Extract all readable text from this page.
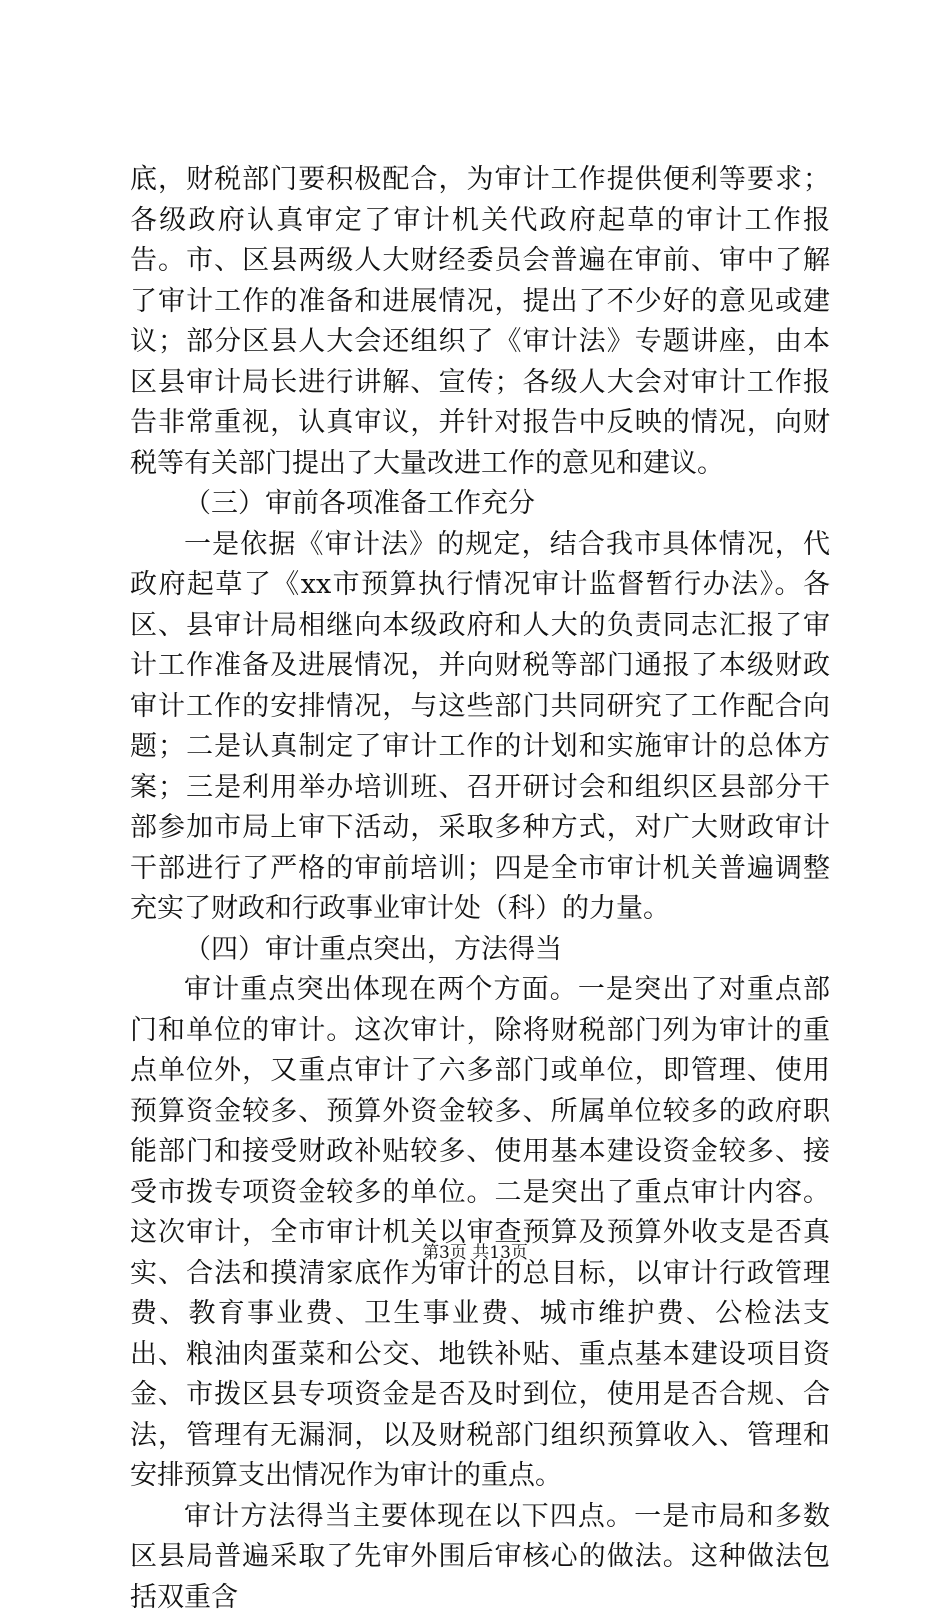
底，财税部门要积极配合，为审计工作提供便利等要求；各级政府认真审定了审计机关代政府起草的审计工作报告。市、区县两级人大财经委员会普遍在审前、审中了解了审计工作的准备和进展情况，提出了不少好的意见或建议；部分区县人大会还组织了《审计法》专题讲座，由本区县审计局长进行讲解、宣传；各级人大会对审计工作报告非常重视，认真审议，并针对报告中反映的情况，向财税等有关部门提出了大量改进工作的意见和建议。

（三）审前各项准备工作充分

一是依据《审计法》的规定，结合我市具体情况，代政府起草了《xx市预算执行情况审计监督暂行办法》。各区、县审计局相继向本级政府和人大的负责同志汇报了审计工作准备及进展情况，并向财税等部门通报了本级财政审计工作的安排情况，与这些部门共同研究了工作配合向题；二是认真制定了审计工作的计划和实施审计的总体方案；三是利用举办培训班、召开研讨会和组织区县部分干部参加市局上审下活动，采取多种方式，对广大财政审计干部进行了严格的审前培训；四是全市审计机关普遍调整充实了财政和行政事业审计处（科）的力量。

（四）审计重点突出，方法得当

审计重点突出体现在两个方面。一是突出了对重点部门和单位的审计。这次审计，除将财税部门列为审计的重点单位外，又重点审计了六多部门或单位，即管理、使用预算资金较多、预算外资金较多、所属单位较多的政府职能部门和接受财政补贴较多、使用基本建设资金较多、接受市拨专项资金较多的单位。二是突出了重点审计内容。这次审计，全市审计机关以审查预算及预算外收支是否真实、合法和摸清家底作为审计的总目标，以审计行政管理费、教育事业费、卫生事业费、城市维护费、公检法支出、粮油肉蛋菜和公交、地铁补贴、重点基本建设项目资金、市拨区县专项资金是否及时到位，使用是否合规、合法，管理有无漏洞，以及财税部门组织预算收入、管理和安排预算支出情况作为审计的重点。

审计方法得当主要体现在以下四点。一是市局和多数区县局普遍采取了先审外围后审核心的做法。这种做法包括双重含

第3页 共13页
